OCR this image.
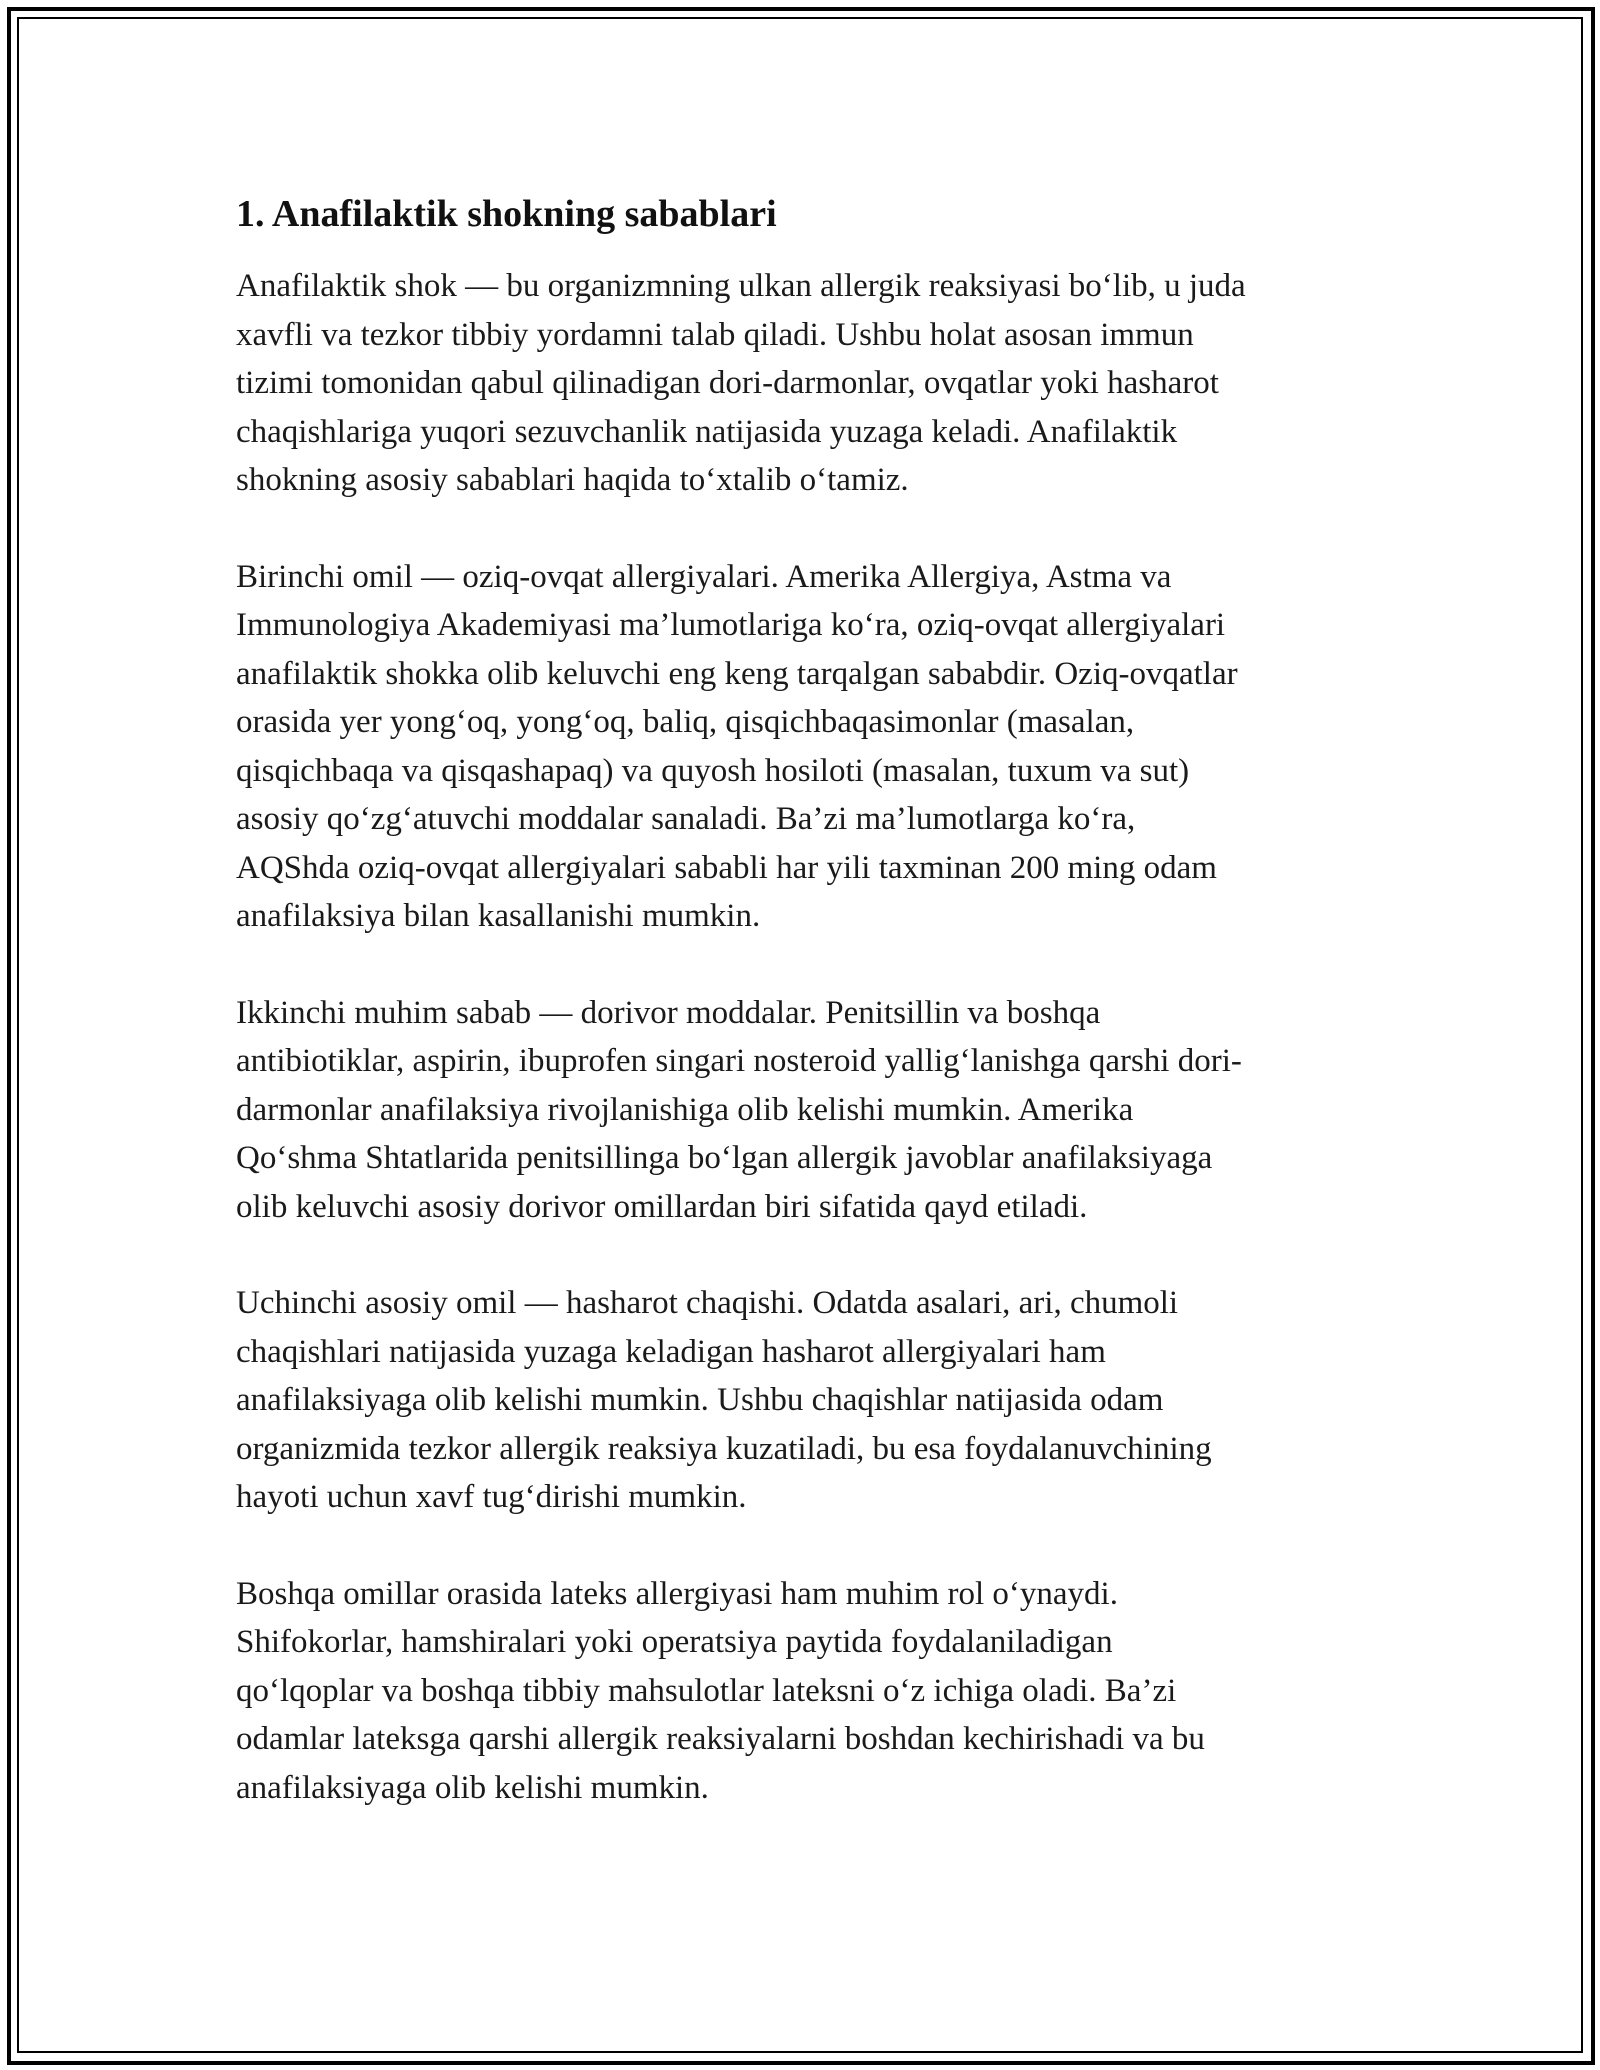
1. Anafilaktik shokning sabablari

Anafilaktik shok — bu organizmning ulkan allergik reaksiyasi bo‘lib, u juda
xavfli va tezkor tibbiy yordamni talab qiladi. Ushbu holat asosan immun
tizimi tomonidan qabul qilinadigan dori-darmonlar, ovqatlar yoki hasharot
chaqishlariga yuqori sezuvchanlik natijasida yuzaga keladi. Anafilaktik
shokning asosiy sabablari haqida to‘xtalib o‘tamiz.

Birinchi omil — oziq-ovqat allergiyalari. Amerika Allergiya, Astma va
Immunologiya Akademiyasi ma’lumotlariga ko‘ra, oziq-ovqat allergiyalari
anafilaktik shokka olib keluvchi eng keng tarqalgan sababdir. Oziq-ovqatlar
orasida yer yong‘oq, yong‘oq, baliq, qisqichbaqasimonlar (masalan,
qisqichbaqa va qisqashapaq) va quyosh hosiloti (masalan, tuxum va sut)
asosiy qo‘zg‘atuvchi moddalar sanaladi. Ba’zi ma’lumotlarga ko‘ra,
AQShda oziq-ovqat allergiyalari sababli har yili taxminan 200 ming odam
anafilaksiya bilan kasallanishi mumkin.

Ikkinchi muhim sabab — dorivor moddalar. Penitsillin va boshqa
antibiotiklar, aspirin, ibuprofen singari nosteroid yallig‘lanishga qarshi dori-
darmonlar anafilaksiya rivojlanishiga olib kelishi mumkin. Amerika
Qo‘shma Shtatlarida penitsillinga bo‘lgan allergik javoblar anafilaksiyaga
olib keluvchi asosiy dorivor omillardan biri sifatida qayd etiladi.

Uchinchi asosiy omil — hasharot chaqishi. Odatda asalari, ari, chumoli
chaqishlari natijasida yuzaga keladigan hasharot allergiyalari ham
anafilaksiyaga olib kelishi mumkin. Ushbu chaqishlar natijasida odam
organizmida tezkor allergik reaksiya kuzatiladi, bu esa foydalanuvchining
hayoti uchun xavf tug‘dirishi mumkin.

Boshqa omillar orasida lateks allergiyasi ham muhim rol o‘ynaydi.
Shifokorlar, hamshiralari yoki operatsiya paytida foydalaniladigan
qo‘lqoplar va boshqa tibbiy mahsulotlar lateksni o‘z ichiga oladi. Ba’zi
odamlar lateksga qarshi allergik reaksiyalarni boshdan kechirishadi va bu
anafilaksiyaga olib kelishi mumkin.
